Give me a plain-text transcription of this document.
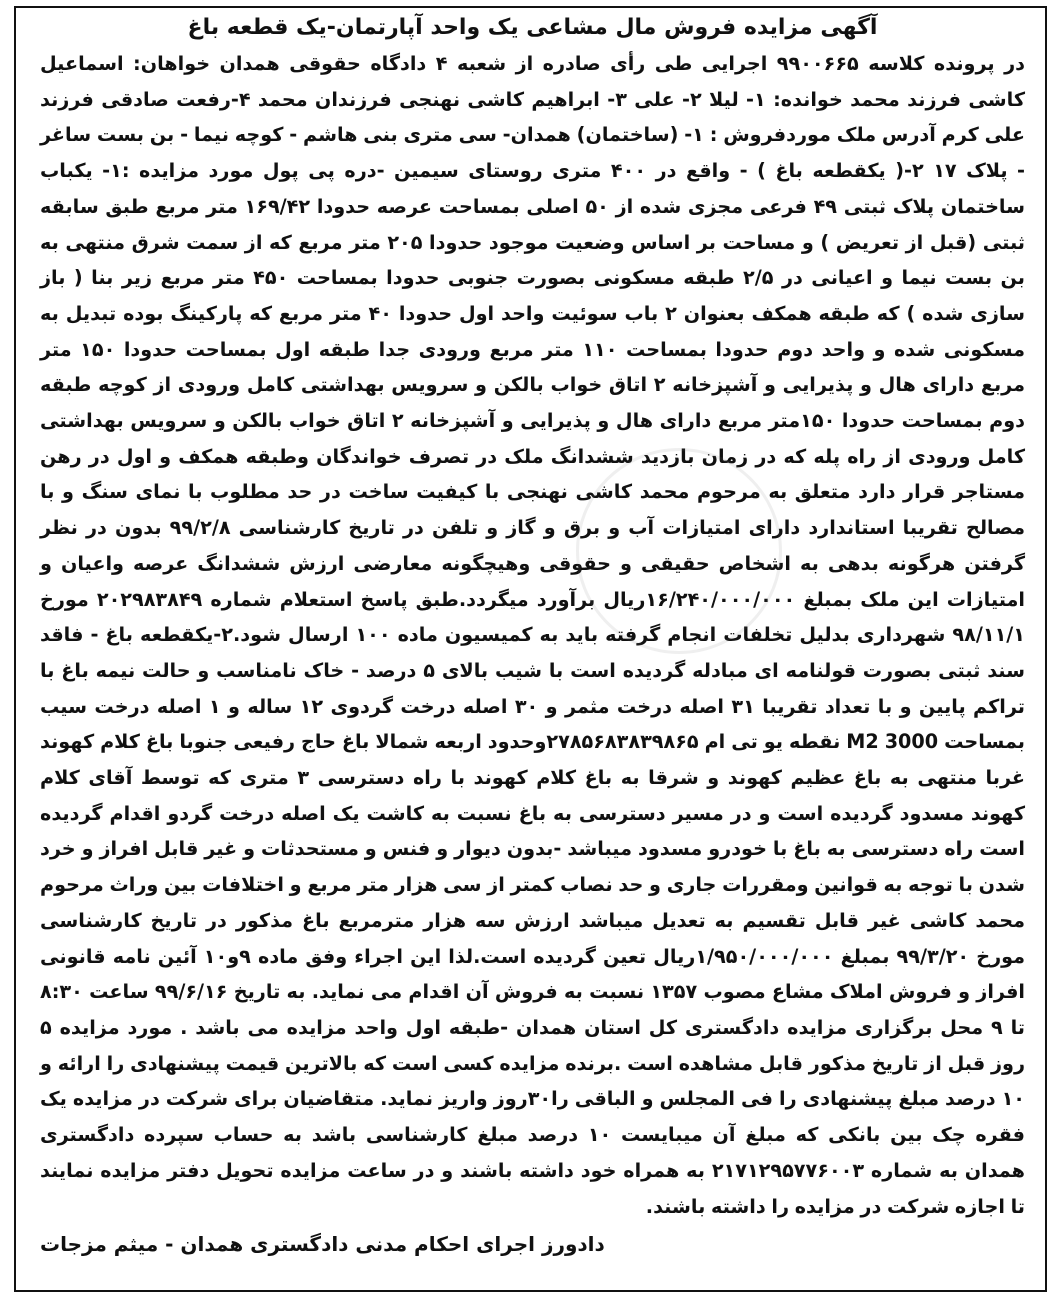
آگهی مزایده فروش مال مشاعی یک واحد آپارتمان-یک قطعه باغ

در پرونده کلاسه ۹۹۰۰۶۶۵ اجرایی طی رأی صادره از شعبه ۴ دادگاه حقوقی همدان خواهان: اسماعیل کاشی فرزند محمد خوانده: ۱- لیلا ۲- علی ۳- ابراهیم کاشی نهنجی فرزندان محمد ۴-رفعت صادقی فرزند علی کرم آدرس ملک موردفروش : ۱- (ساختمان) همدان- سی متری بنی هاشم - کوچه نیما - بن بست ساغر - پلاک ۱۷ ۲-( یکقطعه باغ ) - واقع در ۴۰۰ متری روستای سیمین -دره پی پول مورد مزایده :۱- یکباب ساختمان پلاک ثبتی ۴۹ فرعی مجزی شده از ۵۰ اصلی بمساحت عرصه حدودا ۱۶۹/۴۲ متر مربع طبق سابقه ثبتی (قبل از تعریض ) و مساحت بر اساس وضعیت موجود حدودا ۲۰۵ متر مربع که از سمت شرق منتهی به بن بست نیما و اعیانی در ۲/۵ طبقه مسکونی بصورت جنوبی حدودا بمساحت ۴۵۰ متر مربع زیر بنا ( باز سازی شده ) که طبقه همکف بعنوان ۲ باب سوئیت واحد اول حدودا ۴۰ متر مربع که پارکینگ بوده تبدیل به مسکونی شده و واحد دوم حدودا بمساحت ۱۱۰ متر مربع ورودی جدا طبقه اول بمساحت حدودا ۱۵۰ متر مربع دارای هال و پذیرایی و آشپزخانه ۲ اتاق خواب بالکن و سرویس بهداشتی کامل ورودی از کوچه طبقه دوم بمساحت حدودا ۱۵۰متر مربع دارای هال و پذیرایی و آشپزخانه ۲ اتاق خواب بالکن و سرویس بهداشتی کامل ورودی از راه پله که در زمان بازدید ششدانگ ملک در تصرف خواندگان وطبقه همکف و اول در رهن مستاجر قرار دارد متعلق به مرحوم محمد کاشی نهنجی با کیفیت ساخت در حد مطلوب با نمای سنگ و با مصالح تقریبا استاندارد دارای امتیازات آب و برق و گاز و تلفن در تاریخ کارشناسی ۹۹/۲/۸ بدون در نظر گرفتن هرگونه بدهی به اشخاص حقیقی و حقوقی وهیچگونه معارضی ارزش ششدانگ عرصه واعیان و امتیازات این ملک بمبلغ ۱۶/۲۴۰/۰۰۰/۰۰۰ریال برآورد میگردد.طبق پاسخ استعلام شماره ۲۰۲۹۸۳۸۴۹ مورخ ۹۸/۱۱/۱ شهرداری بدلیل تخلفات انجام گرفته باید به کمیسیون ماده ۱۰۰ ارسال شود.۲-یکقطعه باغ - فاقد سند ثبتی بصورت قولنامه ای مبادله گردیده است با شیب بالای ۵ درصد - خاک نامناسب و حالت نیمه باغ با تراکم پایین و با تعداد تقریبا ۳۱ اصله درخت مثمر و ۳۰ اصله درخت گردوی ۱۲ ساله و ۱ اصله درخت سیب بمساحت 3000 M2 نقطه یو تی ام ۲۷۸۵۶۸۳۸۳۹۸۶۵وحدود اربعه شمالا باغ حاج رفیعی جنوبا باغ کلام کهوند غربا منتهی به باغ عظیم کهوند و شرقا به باغ کلام کهوند با راه دسترسی ۳ متری که توسط آقای کلام کهوند مسدود گردیده است و در مسیر دسترسی به باغ نسبت به کاشت یک اصله درخت گردو اقدام گردیده است راه دسترسی به باغ با خودرو مسدود میباشد -بدون دیوار و فنس و مستحدثات و غیر قابل افراز و خرد شدن با توجه به قوانین ومقررات جاری و حد نصاب کمتر از سی هزار متر مربع و اختلافات بین وراث مرحوم محمد کاشی غیر قابل تقسیم به تعدیل میباشد ارزش سه هزار مترمربع باغ مذکور در تاریخ کارشناسی مورخ ۹۹/۳/۲۰ بمبلغ ۱/۹۵۰/۰۰۰/۰۰۰ریال تعین گردیده است.لذا این اجراء وفق ماده ۹و۱۰ آئین نامه قانونی افراز و فروش املاک مشاع مصوب ۱۳۵۷ نسبت به فروش آن اقدام می نماید. به تاریخ ۹۹/۶/۱۶ ساعت ۸:۳۰ تا ۹ محل برگزاری مزایده دادگستری کل استان همدان -طبقه اول واحد مزایده می باشد . مورد مزایده ۵ روز قبل از تاریخ مذکور قابل مشاهده است .برنده مزایده کسی است که بالاترین قیمت پیشنهادی را ارائه و ۱۰ درصد مبلغ پیشنهادی را فی المجلس و الباقی را۳۰روز واریز نماید. متقاضیان برای شرکت در مزایده یک فقره چک بین بانکی که مبلغ آن میبایست ۱۰ درصد مبلغ کارشناسی باشد به حساب سپرده دادگستری همدان به شماره ۲۱۷۱۲۹۵۷۷۶۰۰۳ به همراه خود داشته باشند و در ساعت مزایده تحویل دفتر مزایده نمایند تا اجازه شرکت در مزایده را داشته باشند.

دادورز اجرای احکام مدنی دادگستری همدان - میثم مزجات
